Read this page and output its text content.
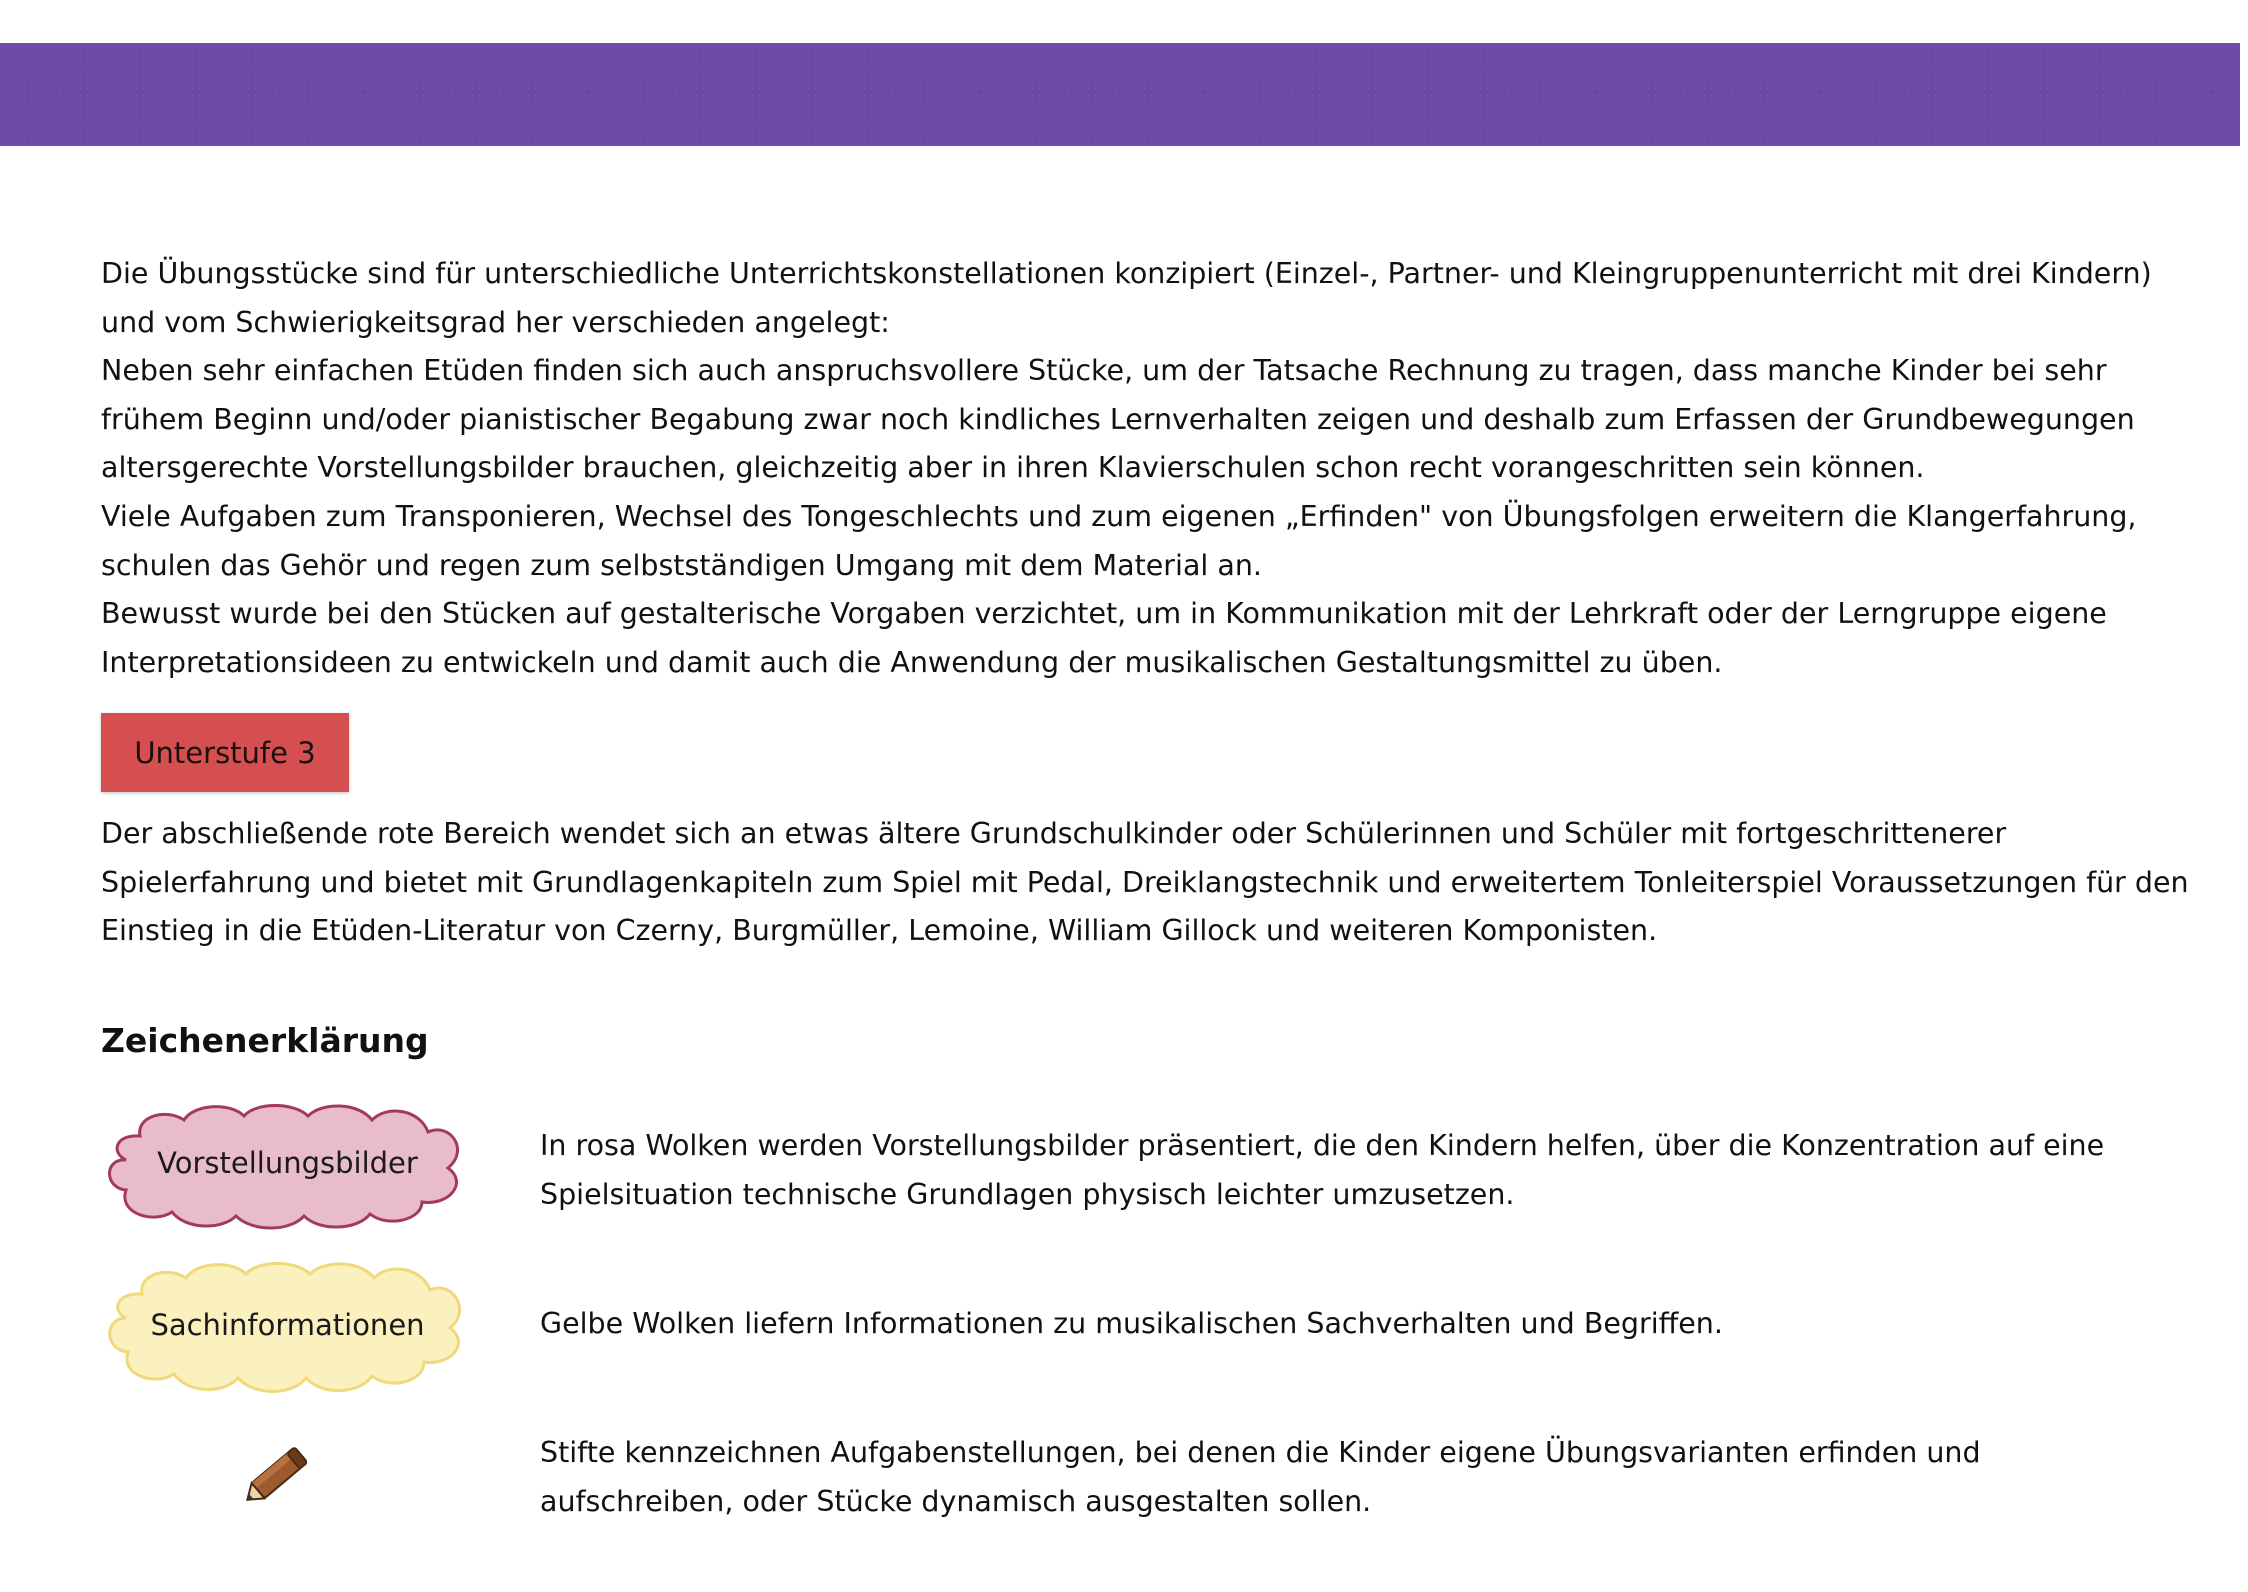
Die Übungsstücke sind für unterschiedliche Unterrichtskonstellationen konzipiert (Einzel-, Partner- und Kleingruppenunterricht mit drei Kindern) und vom Schwierigkeitsgrad her verschieden angelegt:

Neben sehr einfachen Etüden finden sich auch anspruchsvollere Stücke, um der Tatsache Rechnung zu tragen, dass manche Kinder bei sehr frühem Beginn und/oder pianistischer Begabung zwar noch kindliches Lernverhalten zeigen und deshalb zum Erfassen der Grundbewegungen altersgerechte Vorstellungsbilder brauchen, gleichzeitig aber in ihren Klavierschulen schon recht vorangeschritten sein können.

Viele Aufgaben zum Transponieren, Wechsel des Tongeschlechts und zum eigenen „Erfinden" von Übungsfolgen erweitern die Klangerfahrung, schulen das Gehör und regen zum selbstständigen Umgang mit dem Material an.

Bewusst wurde bei den Stücken auf gestalterische Vorgaben verzichtet, um in Kommunikation mit der Lehrkraft oder der Lerngruppe eigene Interpretationsideen zu entwickeln und damit auch die Anwendung der musikalischen Gestaltungsmittel zu üben.

Unterstufe 3

Der abschließende rote Bereich wendet sich an etwas ältere Grundschulkinder oder Schülerinnen und Schüler mit fortgeschrittenerer Spielerfahrung und bietet mit Grundlagenkapiteln zum Spiel mit Pedal, Dreiklangstechnik und erweitertem Tonleiterspiel Voraussetzungen für den Einstieg in die Etüden-Literatur von Czerny, Burgmüller, Lemoine, William Gillock und weiteren Komponisten.

Zeichenerklärung
Vorstellungsbilder

In rosa Wolken werden Vorstellungsbilder präsentiert, die den Kindern helfen, über die Konzentration auf eine Spielsituation technische Grundlagen physisch leichter umzusetzen.

Sachinformationen	Gelbe Wolken liefern Informationen zu musikalischen Sachverhalten und Begriffen.

Stifte kennzeichnen Aufgabenstellungen, bei denen die Kinder eigene Übungsvarianten erfinden und aufschreiben, oder Stücke dynamisch ausgestalten sollen.
